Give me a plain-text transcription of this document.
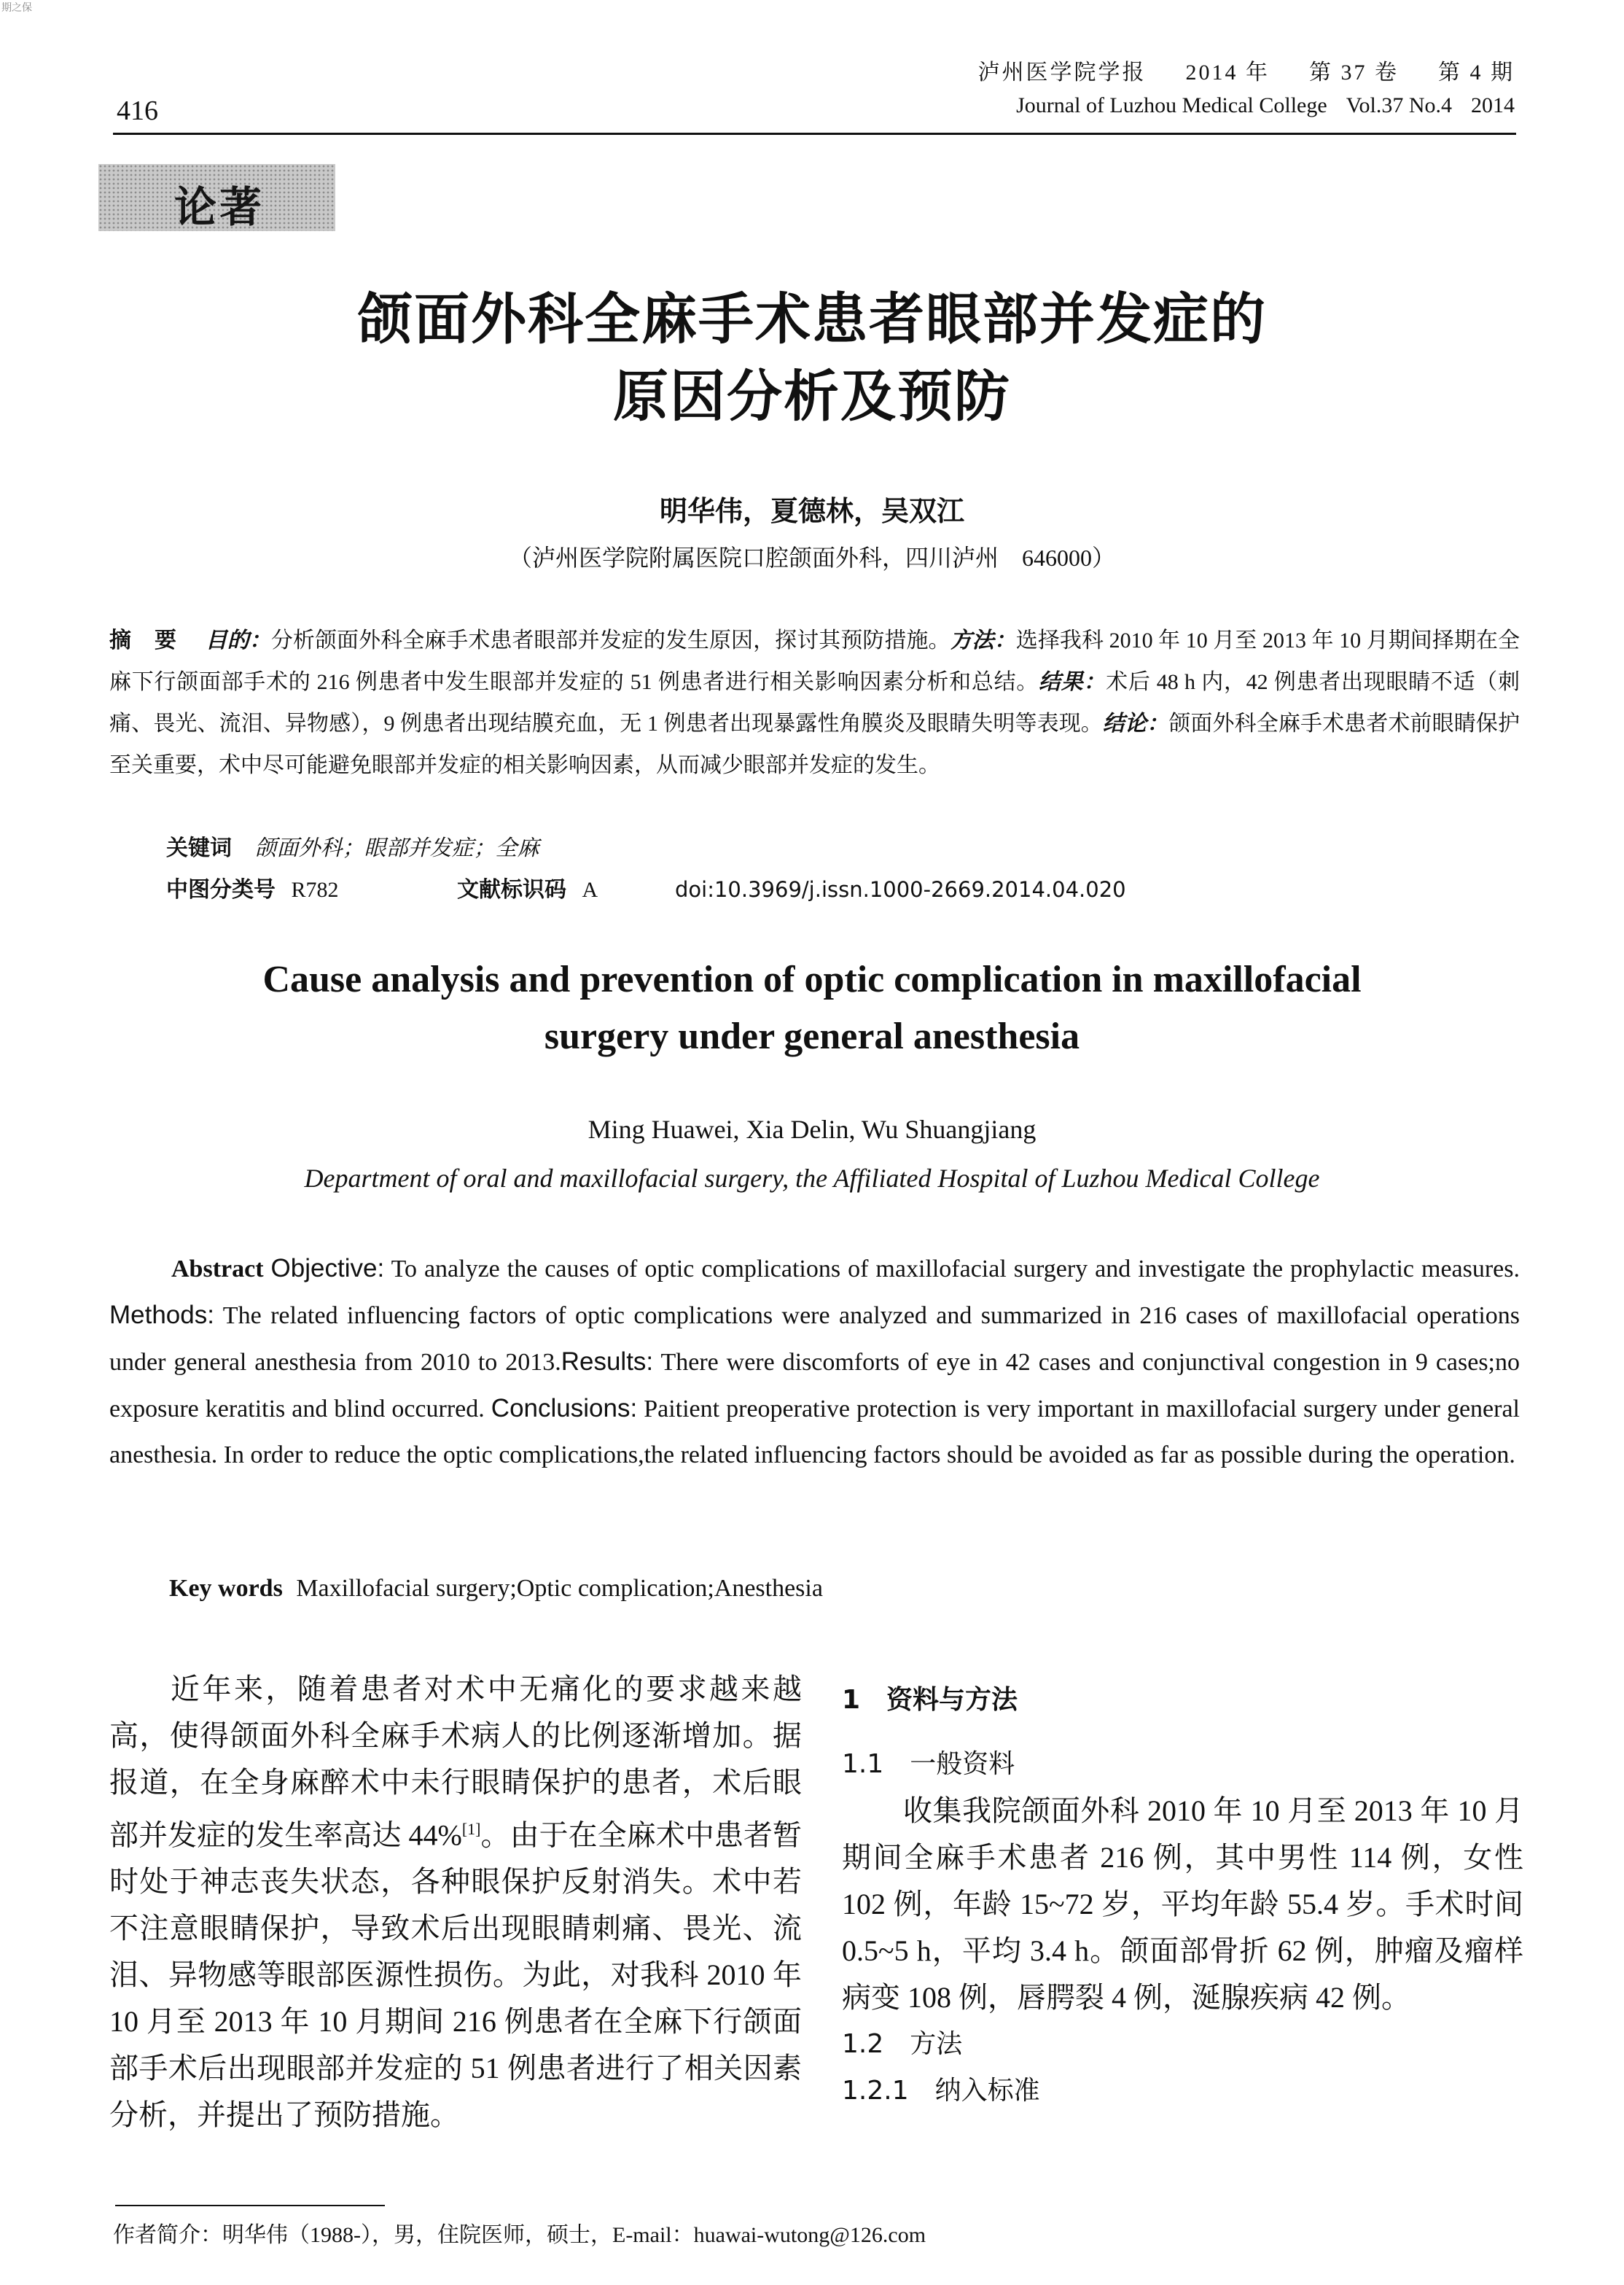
期之保
416
泸州医学院学报 2014 年 第 37 卷 第 4 期
Journal of Luzhou Medical College Vol.37 No.4 2014
论著
颌面外科全麻手术患者眼部并发症的
原因分析及预防
明华伟，夏德林，吴双江
（泸州医学院附属医院口腔颌面外科，四川泸州　646000）
摘要 目的：分析颌面外科全麻手术患者眼部并发症的发生原因，探讨其预防措施。方法：选择我科 2010 年 10 月至 2013 年 10 月期间择期在全麻下行颌面部手术的 216 例患者中发生眼部并发症的 51 例患者进行相关影响因素分析和总结。结果：术后 48 h 内，42 例患者出现眼睛不适（刺痛、畏光、流泪、异物感），9 例患者出现结膜充血，无 1 例患者出现暴露性角膜炎及眼睛失明等表现。结论：颌面外科全麻手术患者术前眼睛保护至关重要，术中尽可能避免眼部并发症的相关影响因素，从而减少眼部并发症的发生。
关键词 颌面外科；眼部并发症；全麻
中图分类号 R782	文献标识码 A	doi:10.3969/j.issn.1000-2669.2014.04.020
Cause analysis and prevention of optic complication in maxillofacial
surgery under general anesthesia
Ming Huawei, Xia Delin, Wu Shuangjiang
Department of oral and maxillofacial surgery, the Affiliated Hospital of Luzhou Medical College
Abstract Objective: To analyze the causes of optic complications of maxillofacial surgery and investigate the prophylactic measures. Methods: The related influencing factors of optic complications were analyzed and summarized in 216 cases of maxillofacial operations under general anesthesia from 2010 to 2013.Results: There were discomforts of eye in 42 cases and conjunctival congestion in 9 cases;no exposure keratitis and blind occurred. Conclusions: Paitient preoperative protection is very important in maxillofacial surgery under general anesthesia. In order to reduce the optic complications,the related influencing factors should be avoided as far as possible during the operation.
Key words Maxillofacial surgery;Optic complication;Anesthesia
近年来，随着患者对术中无痛化的要求越来越高，使得颌面外科全麻手术病人的比例逐渐增加。据报道，在全身麻醉术中未行眼睛保护的患者，术后眼部并发症的发生率高达 44%[1]。由于在全麻术中患者暂时处于神志丧失状态，各种眼保护反射消失。术中若不注意眼睛保护，导致术后出现眼睛刺痛、畏光、流泪、异物感等眼部医源性损伤。为此，对我科 2010 年 10 月至 2013 年 10 月期间 216 例患者在全麻下行颌面部手术后出现眼部并发症的 51 例患者进行了相关因素分析，并提出了预防措施。
1　资料与方法
1.1　一般资料
收集我院颌面外科 2010 年 10 月至 2013 年 10 月期间全麻手术患者 216 例，其中男性 114 例，女性 102 例，年龄 15~72 岁，平均年龄 55.4 岁。手术时间 0.5~5 h，平均 3.4 h。颌面部骨折 62 例，肿瘤及瘤样病变 108 例，唇腭裂 4 例，涎腺疾病 42 例。
1.2　方法
1.2.1　纳入标准
作者简介：明华伟（1988-），男，住院医师，硕士，E-mail：huawai-wutong@126.com
